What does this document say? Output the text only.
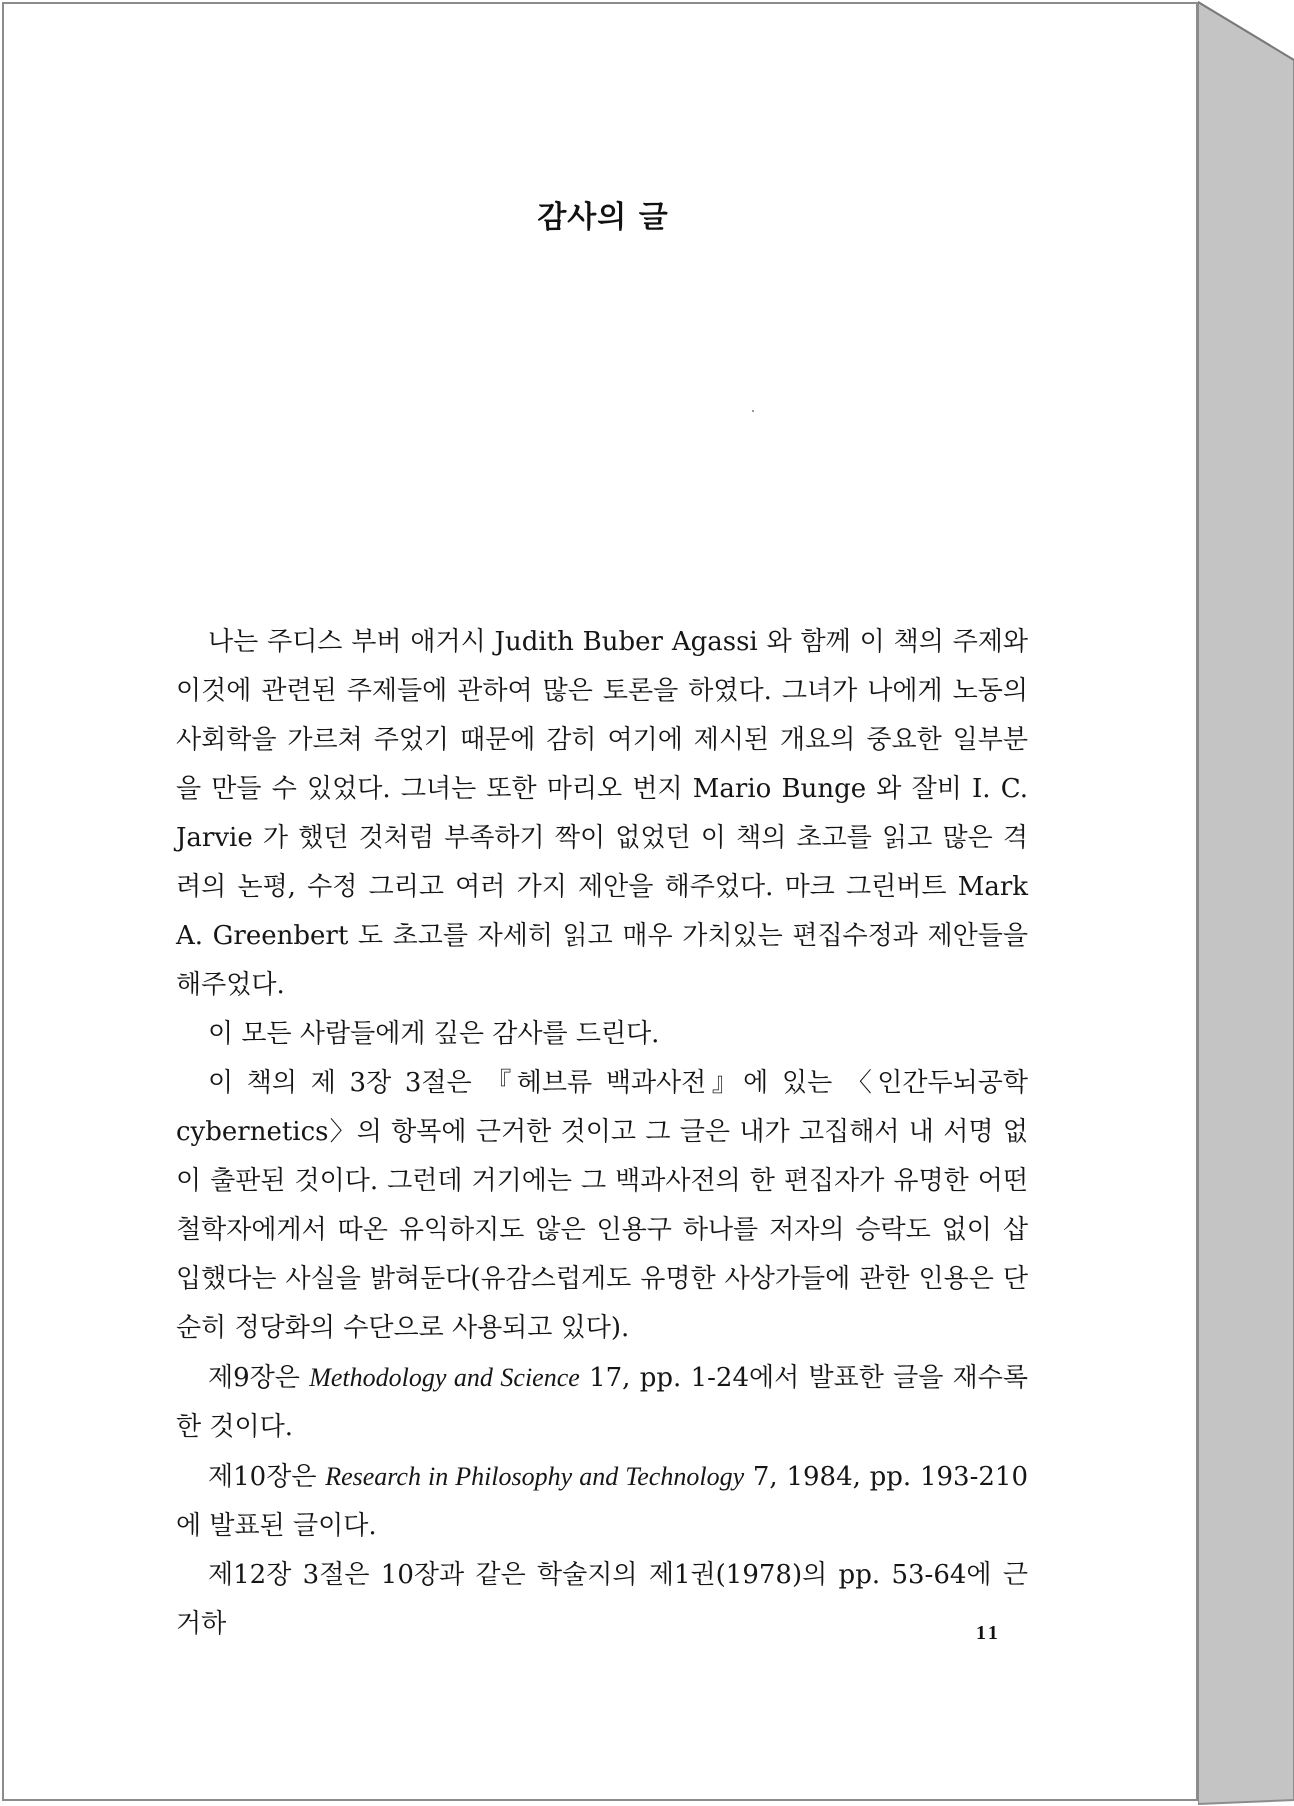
감사의 글

나는 주디스 부버 애거시 Judith Buber Agassi 와 함께 이 책의 주제와 이것에 관련된 주제들에 관하여 많은 토론을 하였다. 그녀가 나에게 노동의 사회학을 가르쳐 주었기 때문에 감히 여기에 제시된 개요의 중요한 일부분을 만들 수 있었다. 그녀는 또한 마리오 번지 Mario Bunge 와 잘비 I. C. Jarvie 가 했던 것처럼 부족하기 짝이 없었던 이 책의 초고를 읽고 많은 격려의 논평, 수정 그리고 여러 가지 제안을 해주었다. 마크 그린버트 Mark A. Greenbert 도 초고를 자세히 읽고 매우 가치있는 편집수정과 제안들을 해주었다.

이 모든 사람들에게 깊은 감사를 드린다.

이 책의 제 3장 3절은 『헤브류 백과사전』에 있는 〈인간두뇌공학 cybernetics〉의 항목에 근거한 것이고 그 글은 내가 고집해서 내 서명 없이 출판된 것이다. 그런데 거기에는 그 백과사전의 한 편집자가 유명한 어떤 철학자에게서 따온 유익하지도 않은 인용구 하나를 저자의 승락도 없이 삽입했다는 사실을 밝혀둔다(유감스럽게도 유명한 사상가들에 관한 인용은 단순히 정당화의 수단으로 사용되고 있다).

제9장은 Methodology and Science 17, pp. 1-24에서 발표한 글을 재수록한 것이다.

제10장은 Research in Philosophy and Technology 7, 1984, pp. 193-210에 발표된 글이다.

제12장 3절은 10장과 같은 학술지의 제1권(1978)의 pp. 53-64에 근거하	11
